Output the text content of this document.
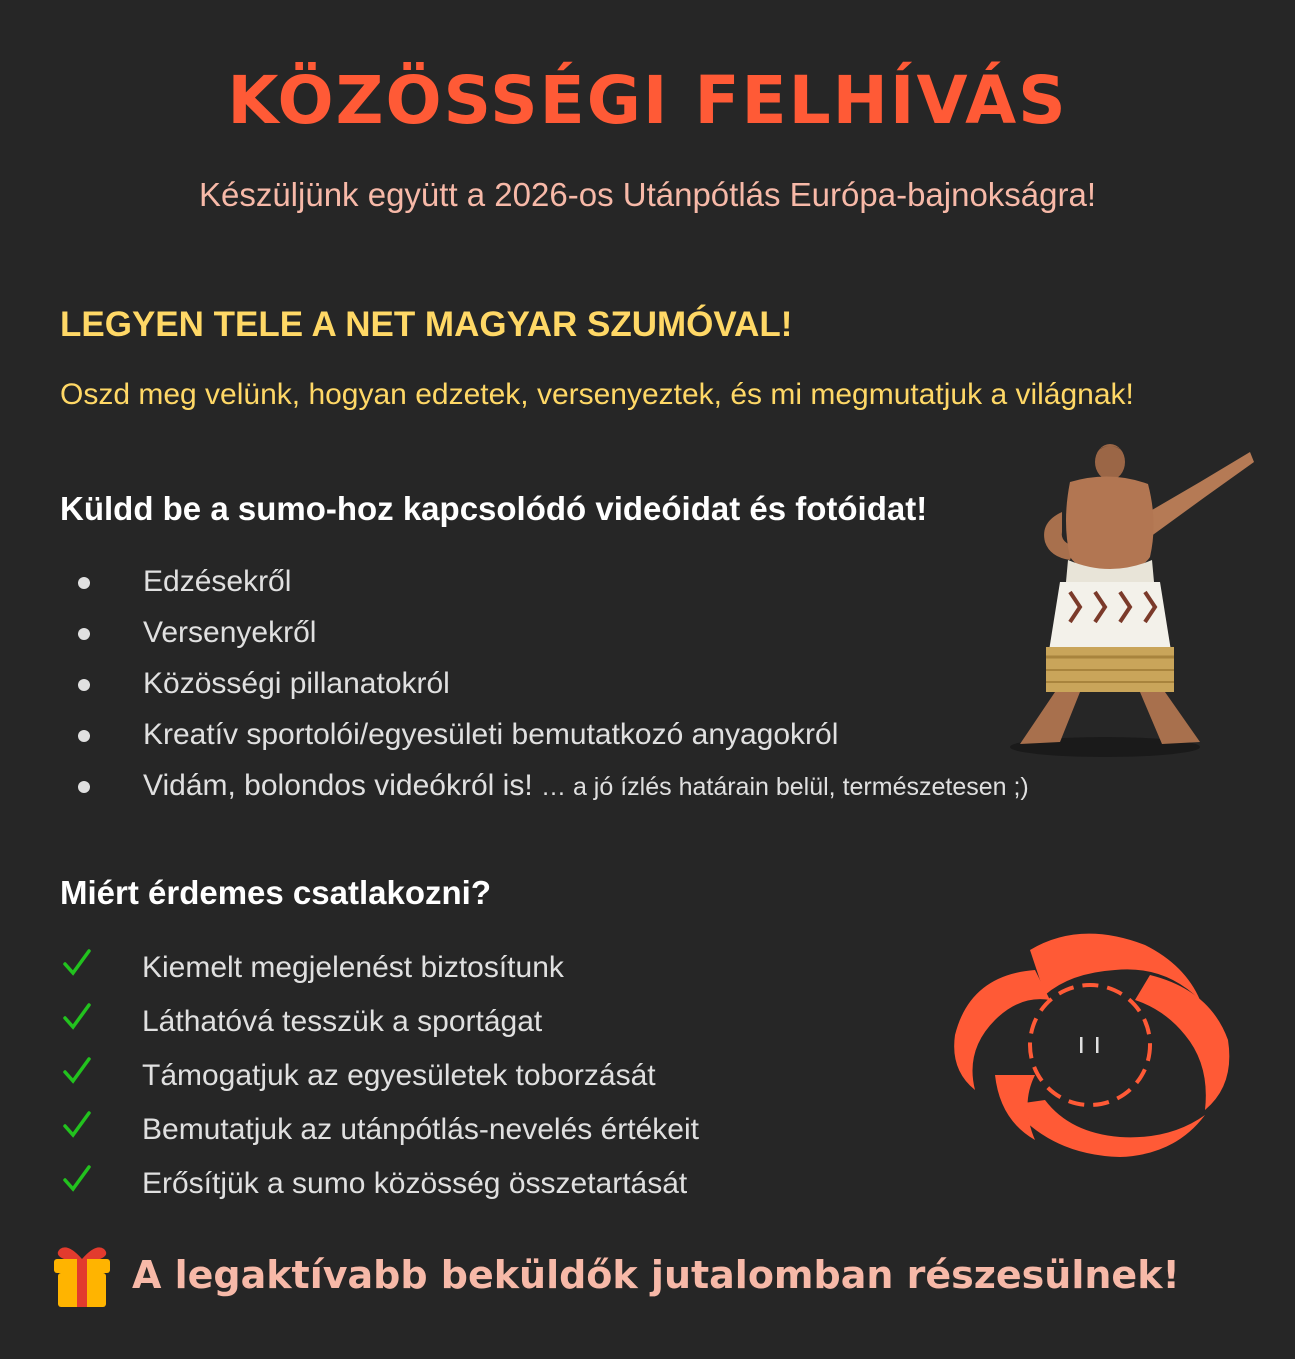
KÖZÖSSÉGI FELHÍVÁS
Készüljünk együtt a 2026-os Utánpótlás Európa-bajnokságra!
LEGYEN TELE A NET MAGYAR SZUMÓVAL!
Oszd meg velünk, hogyan edzetek, versenyeztek, és mi megmutatjuk a világnak!
Küldd be a sumo-hoz kapcsolódó videóidat és fotóidat!
Edzésekről
Versenyekről
Közösségi pillanatokról
Kreatív sportolói/egyesületi bemutatkozó anyagokról
Vidám, bolondos videókról is! … a jó ízlés határain belül, természetesen ;)
Miért érdemes csatlakozni?
Kiemelt megjelenést biztosítunk
Láthatóvá tesszük a sportágat
Támogatjuk az egyesületek toborzását
Bemutatjuk az utánpótlás-nevelés értékeit
Erősítjük a sumo közösség összetartását
A legaktívabb beküldők jutalomban részesülnek!
